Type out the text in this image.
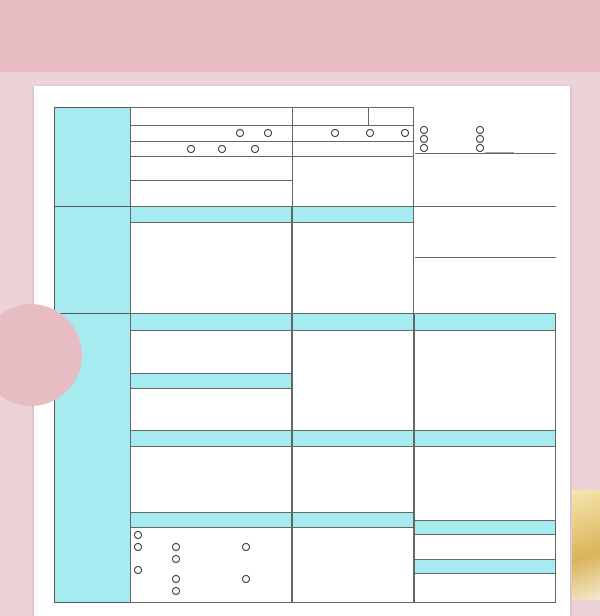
________
